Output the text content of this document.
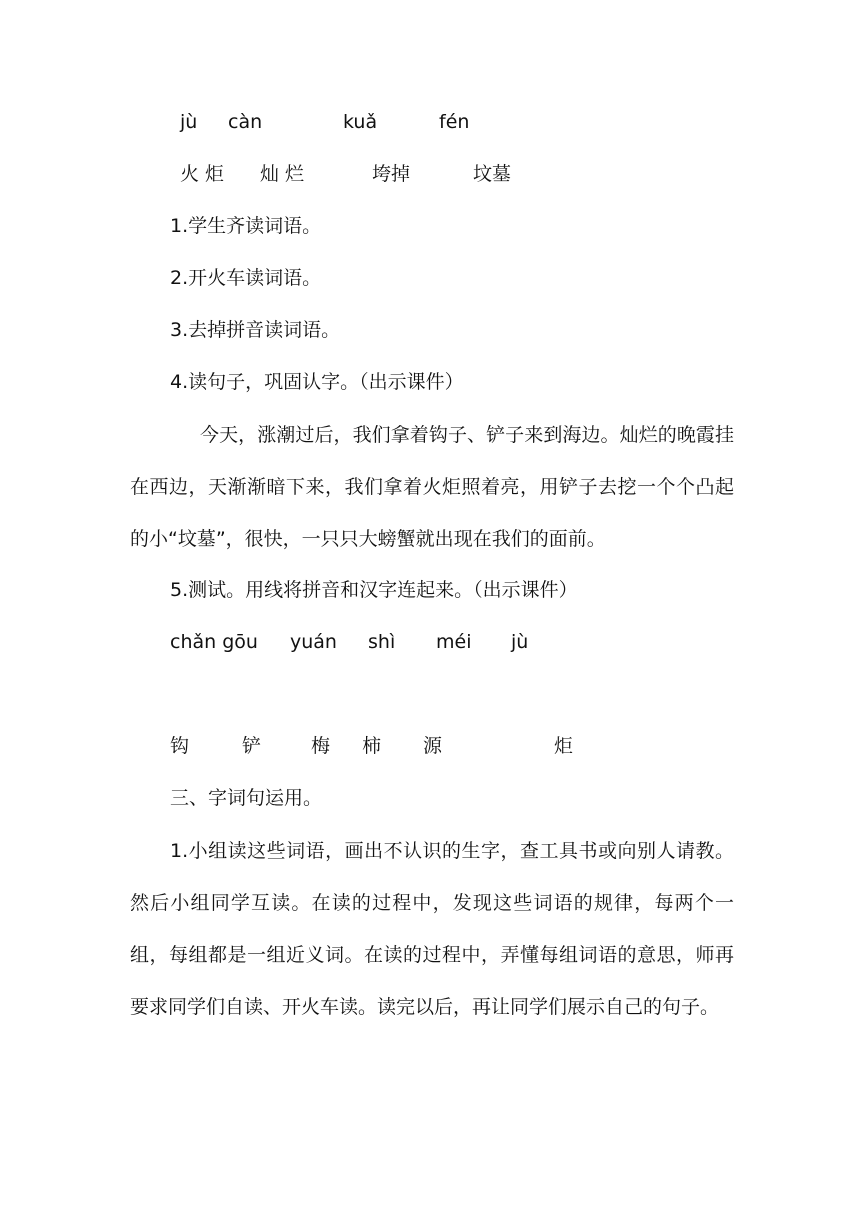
jù càn	kuǎ	fén
火 炬 灿 烂	垮掉	坟墓
1.学生齐读词语。
2.开火车读词语。
3.去掉拼音读词语。
4.读句子，巩固认字。（出示课件）
今天，涨潮过后，我们拿着钩子、铲子来到海边。灿烂的晚霞挂在西边，天渐渐暗下来，我们拿着火炬照着亮，用铲子去挖一个个凸起的小“坟墓”，很快，一只只大螃蟹就出现在我们的面前。
5.测试。用线将拼音和汉字连起来。（出示课件）
chǎn gōu yuán shì méi jù
钩	铲	梅 柿 源	炬
三、字词句运用。
1.小组读这些词语，画出不认识的生字，查工具书或向别人请教。然后小组同学互读。在读的过程中，发现这些词语的规律，每两个一组，每组都是一组近义词。在读的过程中，弄懂每组词语的意思，师再要求同学们自读、开火车读。读完以后，再让同学们展示自己的句子。
